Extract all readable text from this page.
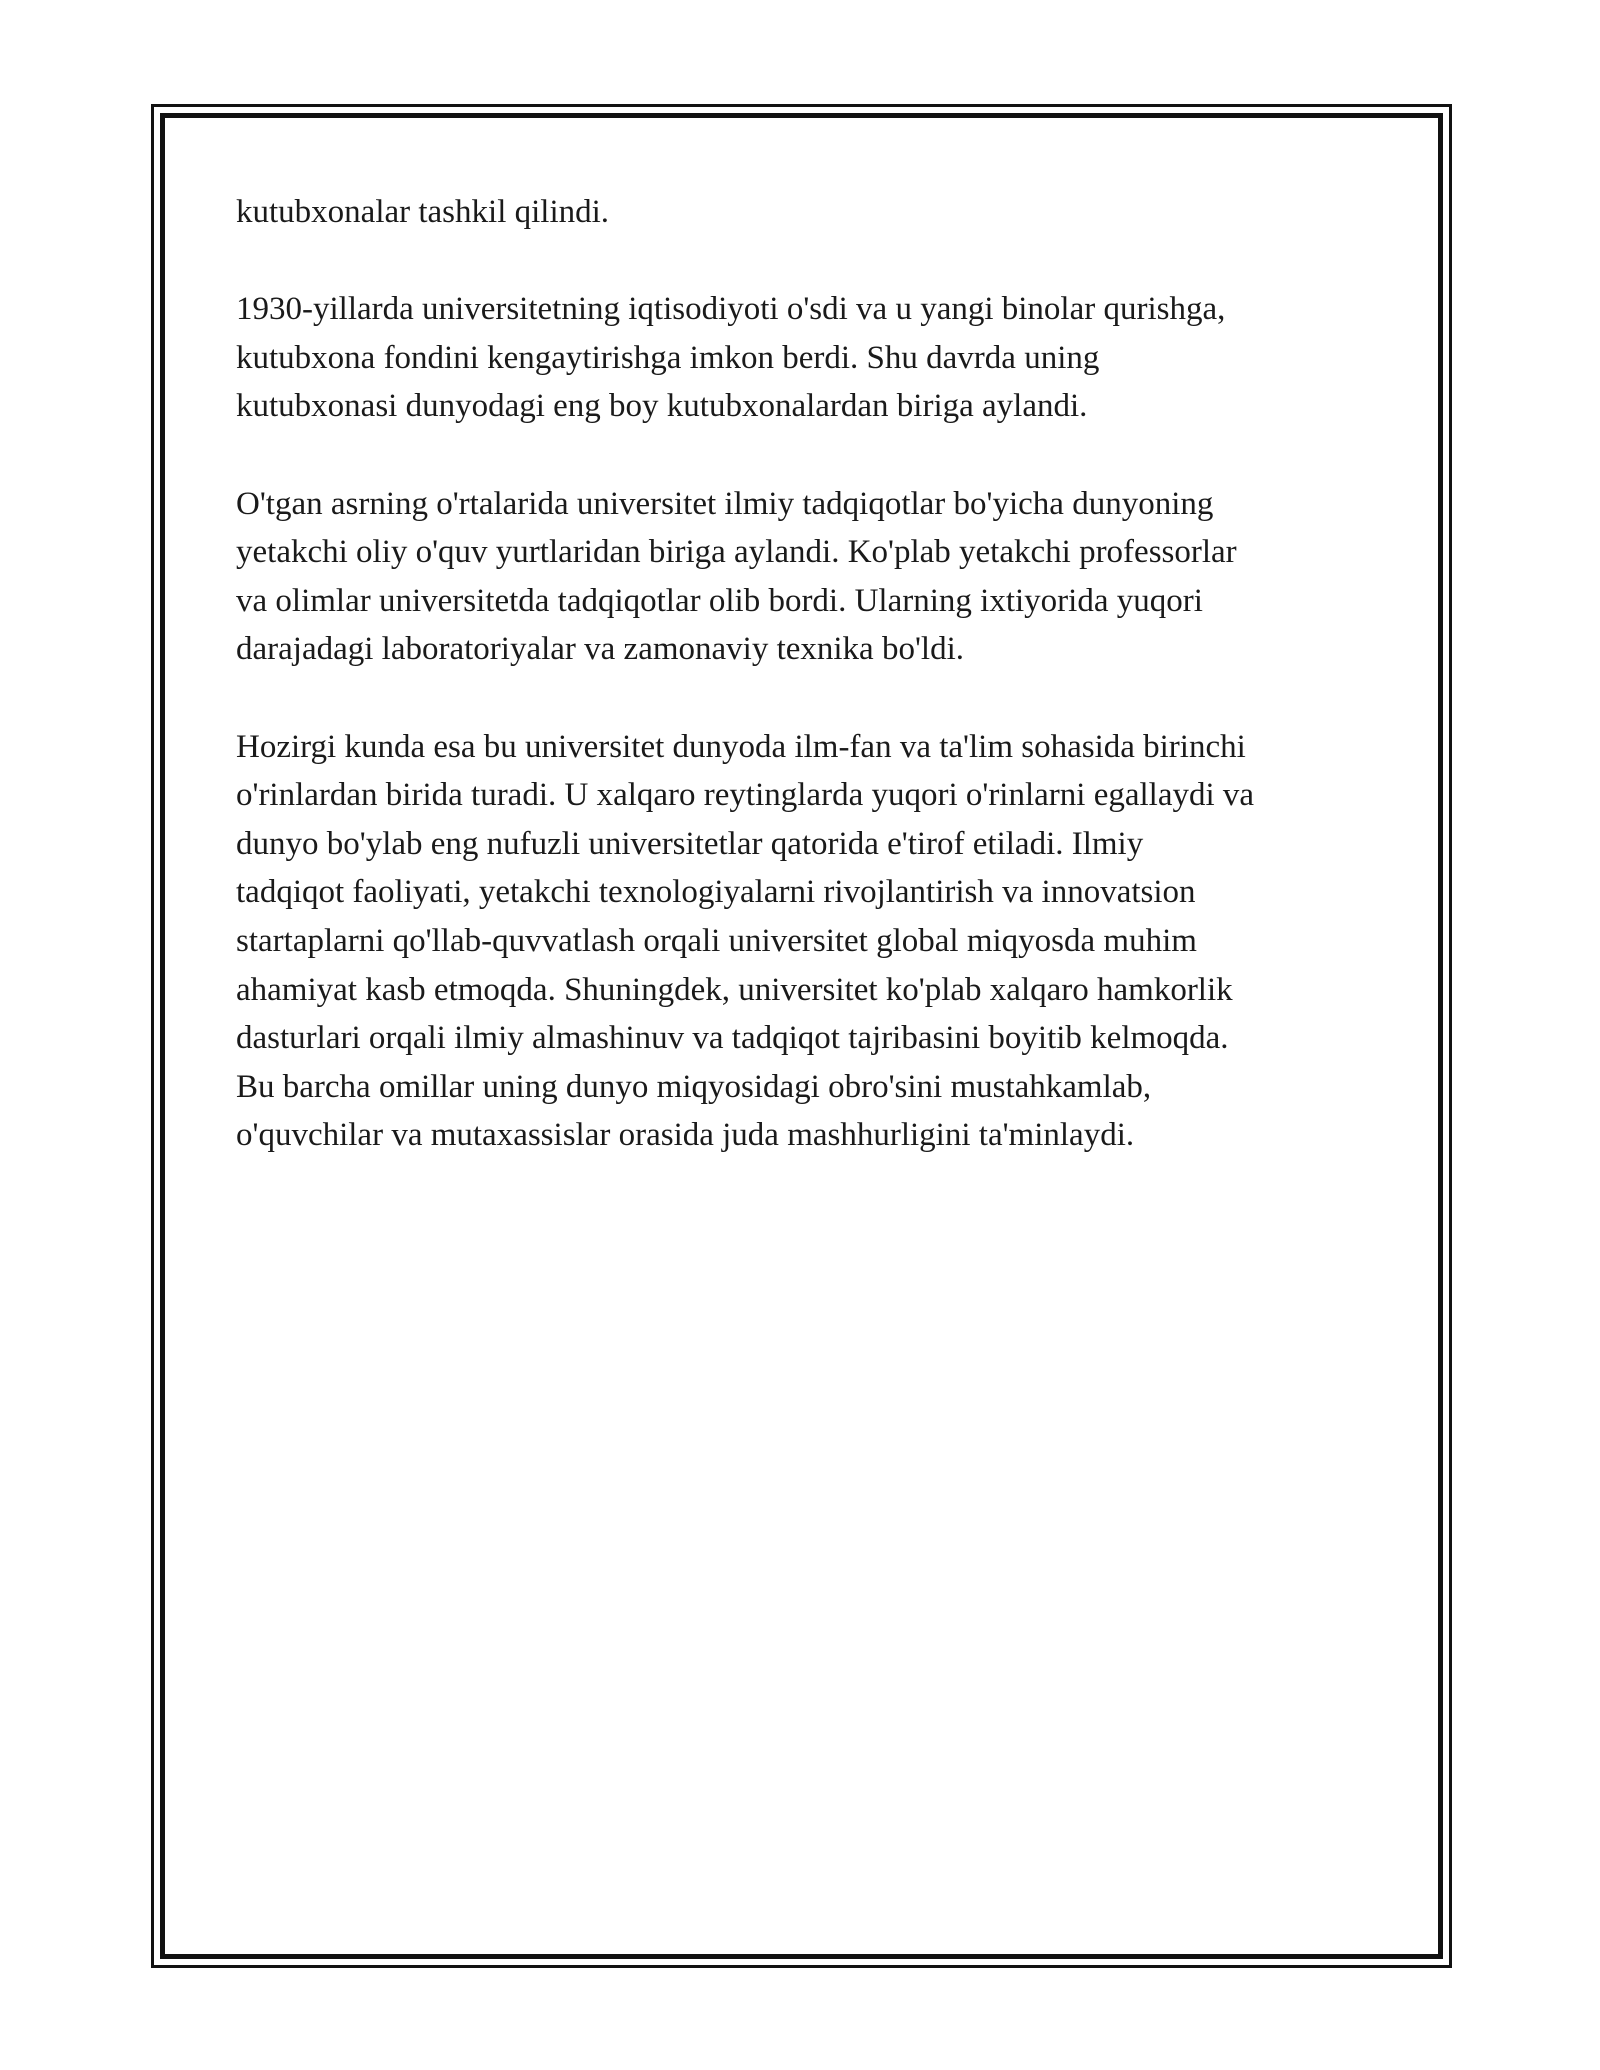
kutubxonalar tashkil qilindi.

1930-yillarda universitetning iqtisodiyoti o'sdi va u yangi binolar qurishga,
kutubxona fondini kengaytirishga imkon berdi. Shu davrda uning
kutubxonasi dunyodagi eng boy kutubxonalardan biriga aylandi.

O'tgan asrning o'rtalarida universitet ilmiy tadqiqotlar bo'yicha dunyoning
yetakchi oliy o'quv yurtlaridan biriga aylandi. Ko'plab yetakchi professorlar
va olimlar universitetda tadqiqotlar olib bordi. Ularning ixtiyorida yuqori
darajadagi laboratoriyalar va zamonaviy texnika bo'ldi.

Hozirgi kunda esa bu universitet dunyoda ilm-fan va ta'lim sohasida birinchi
o'rinlardan birida turadi. U xalqaro reytinglarda yuqori o'rinlarni egallaydi va
dunyo bo'ylab eng nufuzli universitetlar qatorida e'tirof etiladi. Ilmiy
tadqiqot faoliyati, yetakchi texnologiyalarni rivojlantirish va innovatsion
startaplarni qo'llab-quvvatlash orqali universitet global miqyosda muhim
ahamiyat kasb etmoqda. Shuningdek, universitet ko'plab xalqaro hamkorlik
dasturlari orqali ilmiy almashinuv va tadqiqot tajribasini boyitib kelmoqda.
Bu barcha omillar uning dunyo miqyosidagi obro'sini mustahkamlab,
o'quvchilar va mutaxassislar orasida juda mashhurligini ta'minlaydi.
